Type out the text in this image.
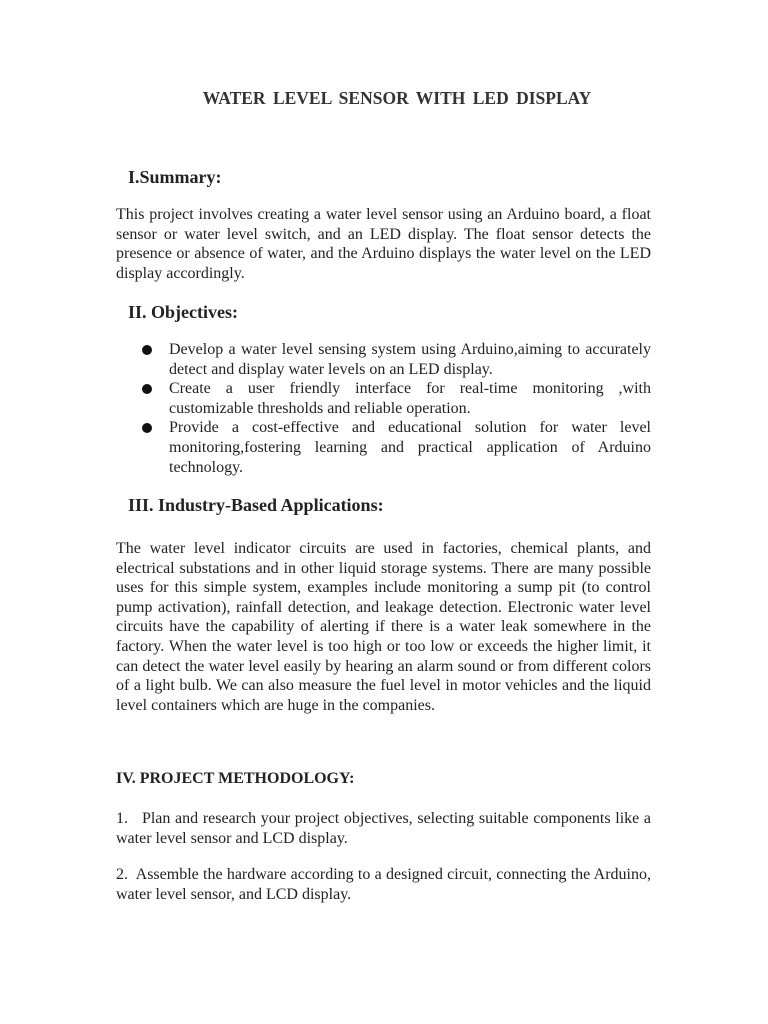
WATER LEVEL SENSOR WITH LED DISPLAY
I.Summary:

This project involves creating a water level sensor using an Arduino board, a float sensor or water level switch, and an LED display. The float sensor detects the presence or absence of water, and the Arduino displays the water level on the LED display accordingly.

II. Objectives:
Develop a water level sensing system using Arduino,aiming to accurately detect and display water levels on an LED display.
Create a user friendly interface for real-time monitoring ,with customizable thresholds and reliable operation.
Provide a cost-effective and educational solution for water level monitoring,fostering learning and practical application of Arduino technology.
III. Industry-Based Applications:

The water level indicator circuits are used in factories, chemical plants, and electrical substations and in other liquid storage systems. There are many possible uses for this simple system, examples include monitoring a sump pit (to control pump activation), rainfall detection, and leakage detection. Electronic water level circuits have the capability of alerting if there is a water leak somewhere in the factory. When the water level is too high or too low or exceeds the higher limit, it can detect the water level easily by hearing an alarm sound or from different colors of a light bulb. We can also measure the fuel level in motor vehicles and the liquid level containers which are huge in the companies.

IV. PROJECT METHODOLOGY:

1.   Plan and research your project objectives, selecting suitable components like a water level sensor and LCD display.

2.  Assemble the hardware according to a designed circuit, connecting the Arduino, water level sensor, and LCD display.
